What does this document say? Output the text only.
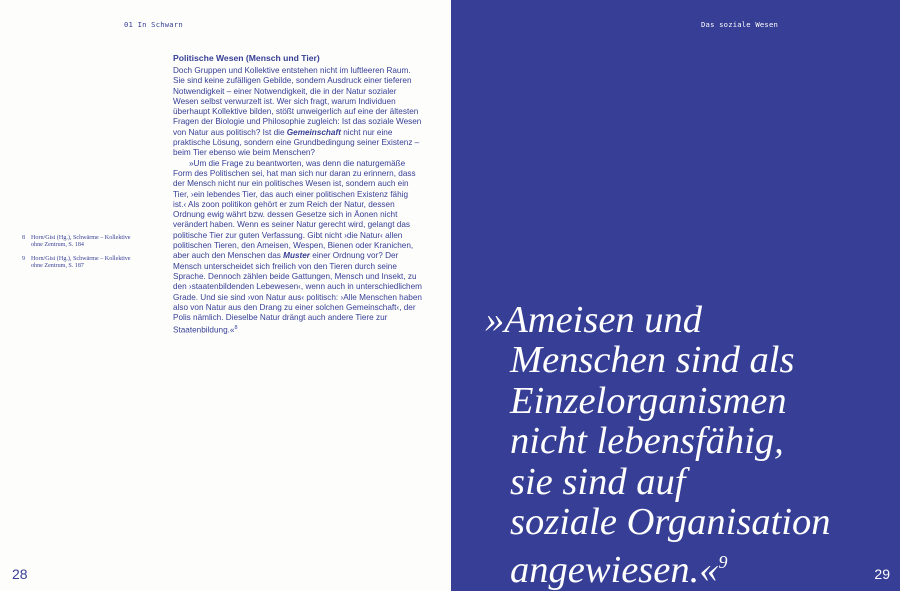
01 In Schwarn
Politische Wesen (Mensch und Tier)

Doch Gruppen und Kollektive entstehen nicht im luftleeren Raum. Sie sind keine zufälligen Gebilde, sondern Ausdruck einer tieferen Notwendigkeit – einer Notwendigkeit, die in der Natur sozialer Wesen selbst verwurzelt ist. Wer sich fragt, warum Individuen überhaupt Kollektive bilden, stößt unweigerlich auf eine der ältesten Fragen der Biologie und Philosophie zugleich: Ist das soziale Wesen von Natur aus politisch? Ist die Gemeinschaft nicht nur eine praktische Lösung, sondern eine Grundbedingung seiner Existenz – beim Tier ebenso wie beim Menschen?

»Um die Frage zu beantworten, was denn die naturgemäße Form des Politischen sei, hat man sich nur daran zu erinnern, dass der Mensch nicht nur ein politisches Wesen ist, sondern auch ein Tier, ›ein lebendes Tier, das auch einer politischen Existenz fähig ist.‹ Als zoon politikon gehört er zum Reich der Natur, dessen Ordnung ewig währt bzw. dessen Gesetze sich in Äonen nicht verändert haben. Wenn es seiner Natur gerecht wird, gelangt das politische Tier zur guten Verfassung. Gibt nicht ›die Natur‹ allen politischen Tieren, den Ameisen, Wespen, Bienen oder Kranichen, aber auch den Menschen das Muster einer Ordnung vor? Der Mensch unterscheidet sich freilich von den Tieren durch seine Sprache. Dennoch zählen beide Gattungen, Mensch und Insekt, zu den ›staatenbildenden Lebewesen‹, wenn auch in unterschiedlichem Grade. Und sie sind ›von Natur aus‹ politisch: ›Alle Menschen haben also von Natur aus den Drang zu einer solchen Gemeinschaft‹, der Polis nämlich. Dieselbe Natur drängt auch andere Tiere zur Staatenbildung.«$^8$

8 Horn/Gisi (Hg.), Schwärme – Kollektive ohne Zentrum, S. 184
9 Horn/Gisi (Hg.), Schwärme – Kollektive ohne Zentrum, S. 187
28
Das soziale Wesen
29
»Ameisen und
Menschen sind als
Einzelorganismen
nicht lebensfähig,
sie sind auf
soziale Organisation
angewiesen.«$^9$
